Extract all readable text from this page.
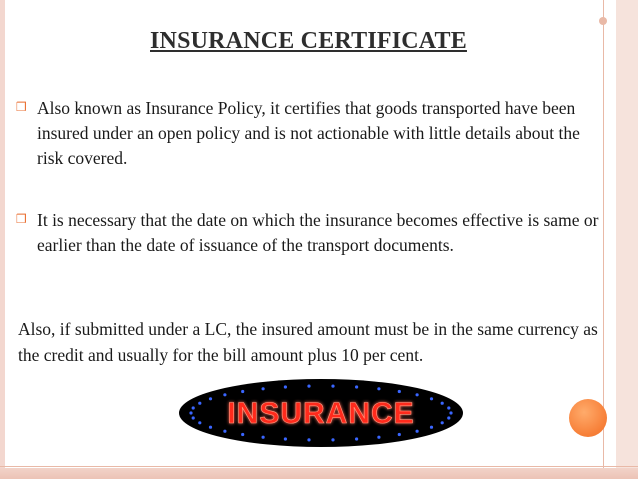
INSURANCE CERTIFICATE
❒ Also known as Insurance Policy, it certifies that goods transported have been insured under an open policy and is not actionable with little details about the risk covered.
❒ It is necessary that the date on which the insurance becomes effective is same or earlier than the date of issuance of the transport documents.
Also, if submitted under a LC, the insured amount must be in the same currency as the credit and usually for the bill amount plus 10 per cent.
INSURANCE
